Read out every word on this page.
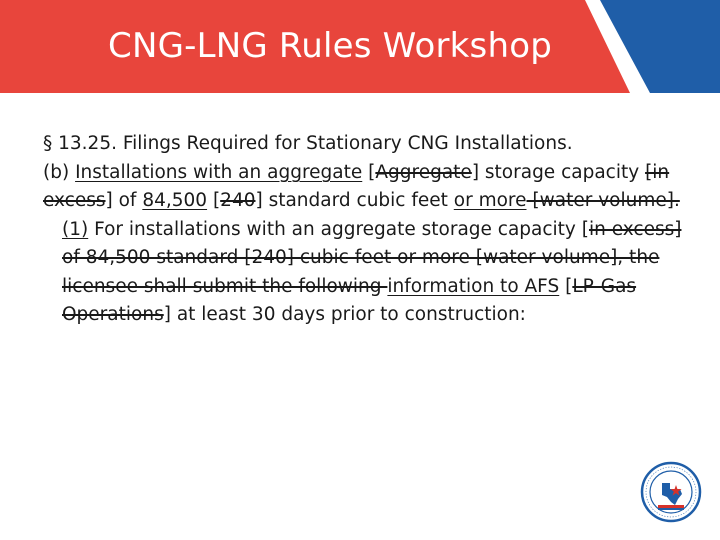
CNG-LNG Rules Workshop
§ 13.25. Filings Required for Stationary CNG Installations.
(b) Installations with an aggregate [Aggregate] storage capacity [in excess] of 84,500 [240] standard cubic feet or more [water volume].
(1) For installations with an aggregate storage capacity [in excess] of 84,500 standard [240] cubic feet or more [water volume], the licensee shall submit the following information to AFS [LP-Gas Operations] at least 30 days prior to construction:
